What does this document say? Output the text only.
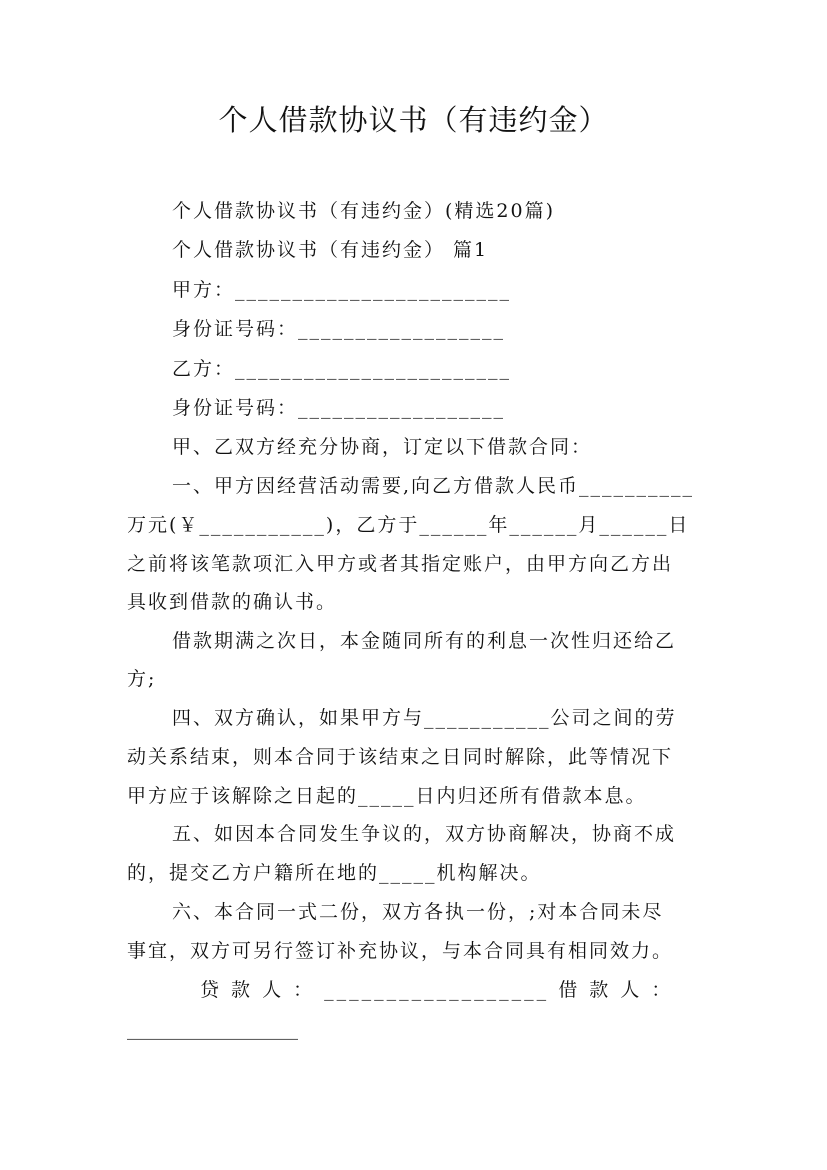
个人借款协议书（有违约金）
个人借款协议书（有违约金）(精选20篇)
个人借款协议书（有违约金） 篇1
甲方：________________________
身份证号码：__________________
乙方：________________________
身份证号码：__________________
甲、乙双方经充分协商，订定以下借款合同：
一、甲方因经营活动需要,向乙方借款人民币__________
万元(￥___________)，乙方于______年______月______日
之前将该笔款项汇入甲方或者其指定账户，由甲方向乙方出
具收到借款的确认书。
借款期满之次日，本金随同所有的利息一次性归还给乙
方;
四、双方确认，如果甲方与___________公司之间的劳
动关系结束，则本合同于该结束之日同时解除，此等情况下
甲方应于该解除之日起的_____日内归还所有借款本息。
五、如因本合同发生争议的，双方协商解决，协商不成
的，提交乙方户籍所在地的_____机构解决。
六、本合同一式二份，双方各执一份，;对本合同未尽
事宜，双方可另行签订补充协议，与本合同具有相同效力。
贷 款 人 ： __________________ 借 款 人 ：
__________________
